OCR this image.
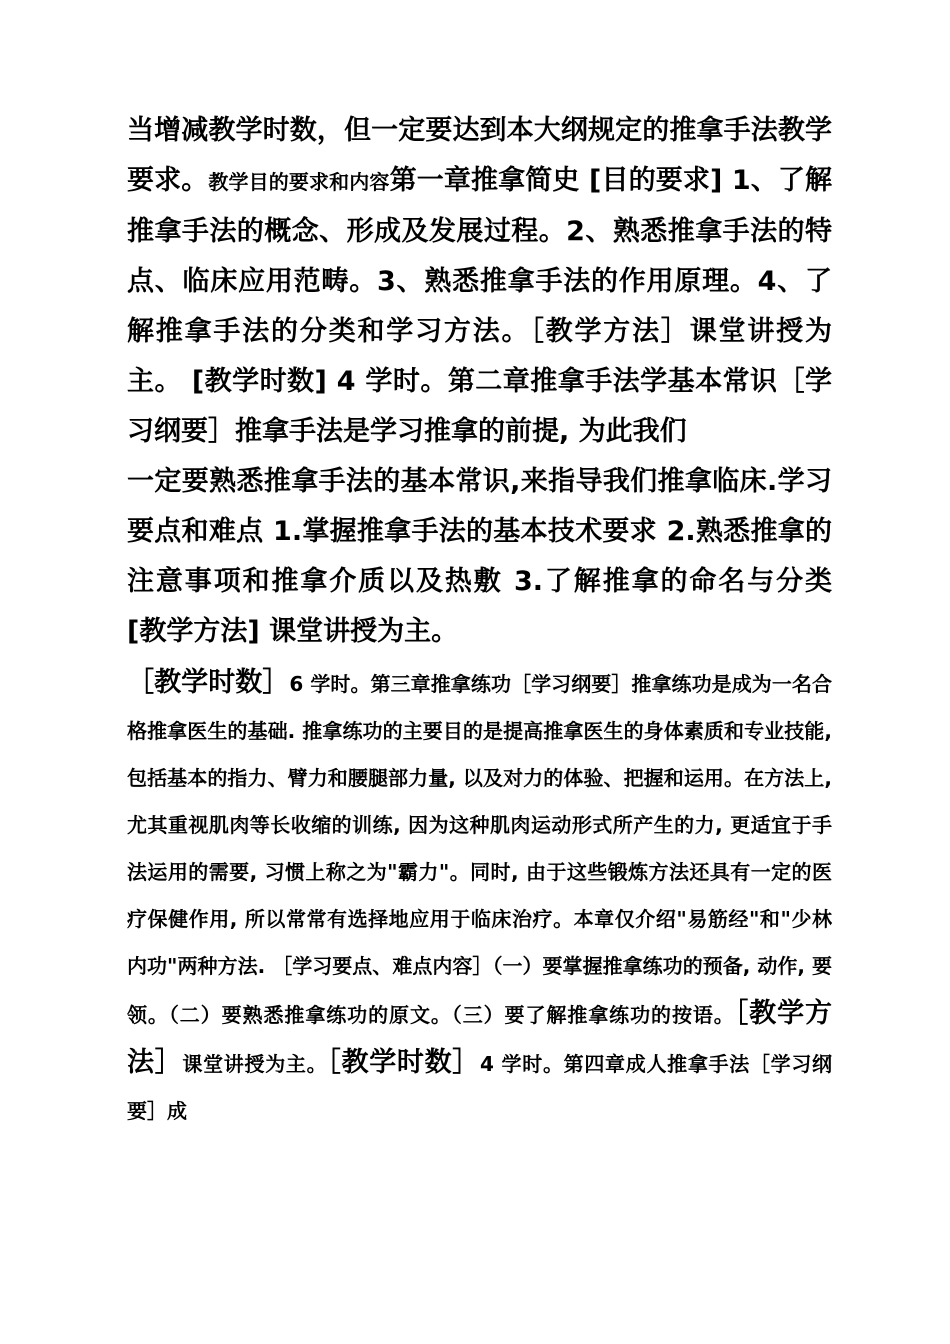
当增减教学时数，但一定要达到本大纲规定的推拿手法教学要求。教学目的要求和内容第一章推拿简史 [目的要求] 1、了解推拿手法的概念、形成及发展过程。2、熟悉推拿手法的特点、临床应用范畴。3、熟悉推拿手法的作用原理。4、了解推拿手法的分类和学习方法。［教学方法］课堂讲授为主。 [教学时数] 4 学时。第二章推拿手法学基本常识［学习纲要］推拿手法是学习推拿的前提, 为此我们

一定要熟悉推拿手法的基本常识,来指导我们推拿临床.学习要点和难点 1.掌握推拿手法的基本技术要求 2.熟悉推拿的注意事项和推拿介质以及热敷 3.了解推拿的命名与分类 [教学方法] 课堂讲授为主。

［教学时数］6 学时。第三章推拿练功［学习纲要］推拿练功是成为一名合格推拿医生的基础. 推拿练功的主要目的是提高推拿医生的身体素质和专业技能, 包括基本的指力、臂力和腰腿部力量, 以及对力的体验、把握和运用。在方法上, 尤其重视肌肉等长收缩的训练, 因为这种肌肉运动形式所产生的力, 更适宜于手法运用的需要, 习惯上称之为"霸力"。同时, 由于这些锻炼方法还具有一定的医疗保健作用, 所以常常有选择地应用于临床治疗。本章仅介绍"易筋经"和"少林内功"两种方法. ［学习要点、难点内容］（一）要掌握推拿练功的预备, 动作, 要领。（二）要熟悉推拿练功的原文。（三）要了解推拿练功的按语。［教学方法］课堂讲授为主。［教学时数］4 学时。第四章成人推拿手法［学习纲要］成
